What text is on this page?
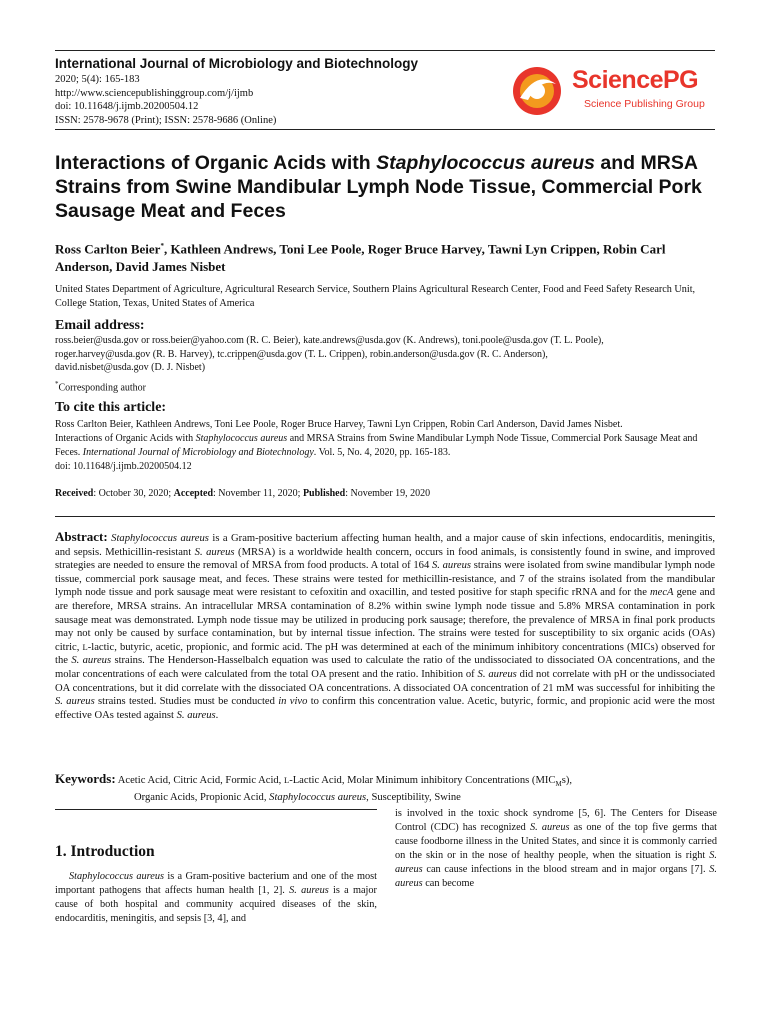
International Journal of Microbiology and Biotechnology
2020; 5(4): 165-183
http://www.sciencepublishinggroup.com/j/ijmb
doi: 10.11648/j.ijmb.20200504.12
ISSN: 2578-9678 (Print); ISSN: 2578-9686 (Online)
SciencePG
Science Publishing Group
Interactions of Organic Acids with Staphylococcus aureus and MRSA Strains from Swine Mandibular Lymph Node Tissue, Commercial Pork Sausage Meat and Feces
Ross Carlton Beier*, Kathleen Andrews, Toni Lee Poole, Roger Bruce Harvey, Tawni Lyn Crippen, Robin Carl Anderson, David James Nisbet
United States Department of Agriculture, Agricultural Research Service, Southern Plains Agricultural Research Center, Food and Feed Safety Research Unit, College Station, Texas, United States of America
Email address:
ross.beier@usda.gov or ross.beier@yahoo.com (R. C. Beier), kate.andrews@usda.gov (K. Andrews), toni.poole@usda.gov (T. L. Poole),
roger.harvey@usda.gov (R. B. Harvey), tc.crippen@usda.gov (T. L. Crippen), robin.anderson@usda.gov (R. C. Anderson),
david.nisbet@usda.gov (D. J. Nisbet)
*Corresponding author
To cite this article:
Ross Carlton Beier, Kathleen Andrews, Toni Lee Poole, Roger Bruce Harvey, Tawni Lyn Crippen, Robin Carl Anderson, David James Nisbet.
Interactions of Organic Acids with Staphylococcus aureus and MRSA Strains from Swine Mandibular Lymph Node Tissue, Commercial Pork Sausage Meat and Feces. International Journal of Microbiology and Biotechnology. Vol. 5, No. 4, 2020, pp. 165-183.
doi: 10.11648/j.ijmb.20200504.12
Received: October 30, 2020; Accepted: November 11, 2020; Published: November 19, 2020
Abstract: Staphylococcus aureus is a Gram-positive bacterium affecting human health, and a major cause of skin infections, endocarditis, meningitis, and sepsis. Methicillin-resistant S. aureus (MRSA) is a worldwide health concern, occurs in food animals, is consistently found in swine, and improved strategies are needed to ensure the removal of MRSA from food products. A total of 164 S. aureus strains were isolated from swine mandibular lymph node tissue, commercial pork sausage meat, and feces. These strains were tested for methicillin-resistance, and 7 of the strains isolated from the mandibular lymph node tissue and pork sausage meat were resistant to cefoxitin and oxacillin, and tested positive for staph specific rRNA and for the mecA gene and are therefore, MRSA strains. An intracellular MRSA contamination of 8.2% within swine lymph node tissue and 5.8% MRSA contamination in pork sausage meat was demonstrated. Lymph node tissue may be utilized in producing pork sausage; therefore, the prevalence of MRSA in final pork products may not only be caused by surface contamination, but by internal tissue infection. The strains were tested for susceptibility to six organic acids (OAs) citric, L-lactic, butyric, acetic, propionic, and formic acid. The pH was determined at each of the minimum inhibitory concentrations (MICs) observed for the S. aureus strains. The Henderson-Hasselbalch equation was used to calculate the ratio of the undissociated to dissociated OA concentrations, and the molar concentrations of each were calculated from the total OA present and the ratio. Inhibition of S. aureus did not correlate with pH or the undissociated OA concentrations, but it did correlate with the dissociated OA concentrations. A dissociated OA concentration of 21 mM was successful for inhibiting the S. aureus strains tested. Studies must be conducted in vivo to confirm this concentration value. Acetic, butyric, formic, and propionic acid were the most effective OAs tested against S. aureus.
Keywords: Acetic Acid, Citric Acid, Formic Acid, L-Lactic Acid, Molar Minimum inhibitory Concentrations $(MIC_Ms)$,
Organic Acids, Propionic Acid, Staphylococcus aureus, Susceptibility, Swine
1. Introduction
Staphylococcus aureus is a Gram-positive bacterium and one of the most important pathogens that affects human health [1, 2]. S. aureus is a major cause of both hospital and community acquired diseases of the skin, endocarditis, meningitis, and sepsis [3, 4], and
is involved in the toxic shock syndrome [5, 6]. The Centers for Disease Control (CDC) has recognized S. aureus as one of the top five germs that cause foodborne illness in the United States, and since it is commonly carried on the skin or in the nose of healthy people, when the situation is right S. aureus can cause infections in the blood stream and in major organs [7]. S. aureus can become
